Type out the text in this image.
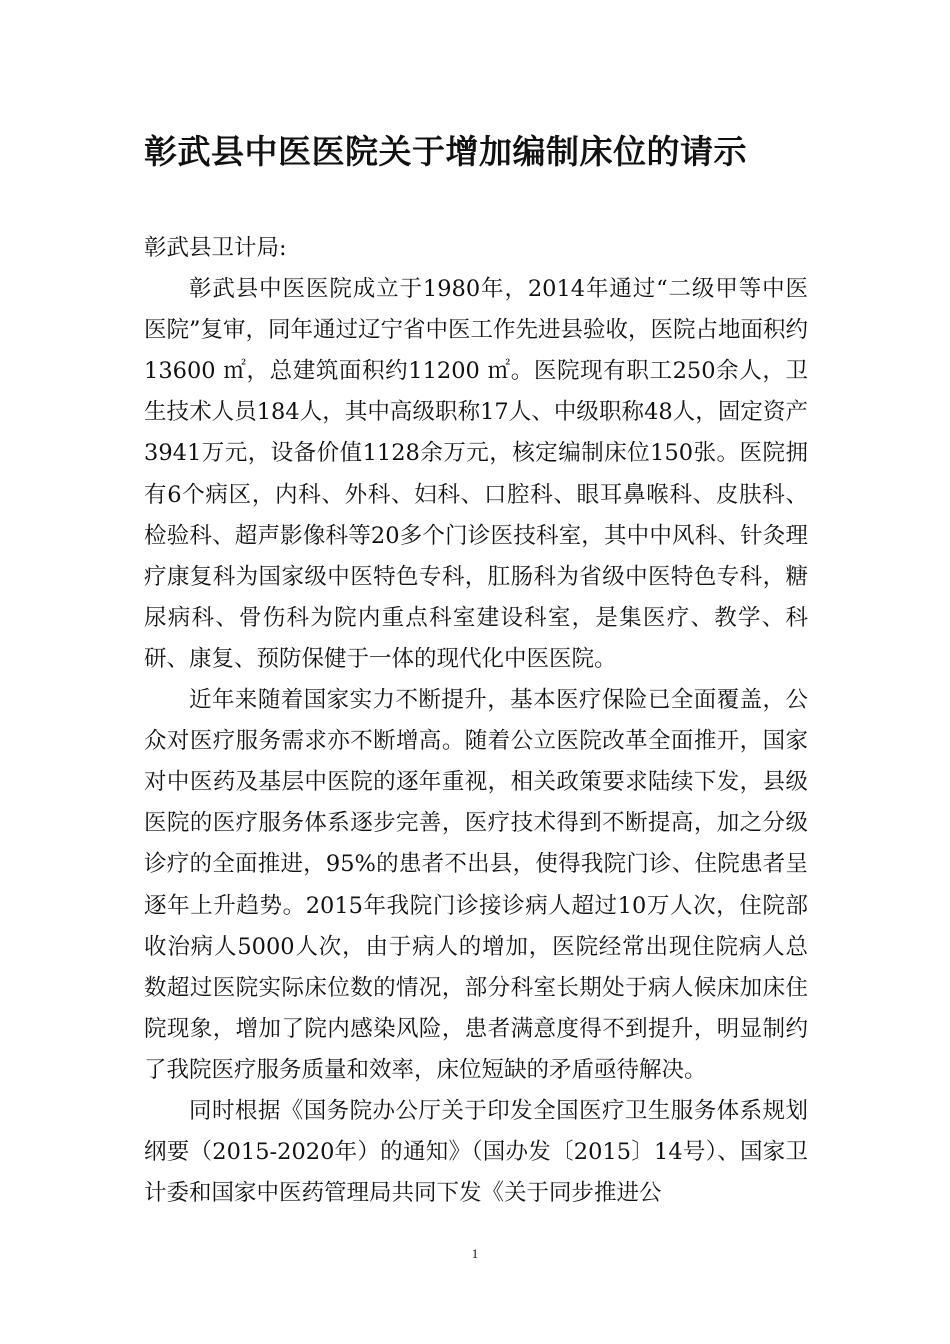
彰武县中医医院关于增加编制床位的请示

彰武县卫计局:

彰武县中医医院成立于1980年，2014年通过“二级甲等中医医院”复审，同年通过辽宁省中医工作先进县验收，医院占地面积约13600 ㎡，总建筑面积约11200 ㎡。医院现有职工250余人，卫生技术人员184人，其中高级职称17人、中级职称48人，固定资产3941万元，设备价值1128余万元，核定编制床位150张。医院拥有6个病区，内科、外科、妇科、口腔科、眼耳鼻喉科、皮肤科、检验科、超声影像科等20多个门诊医技科室，其中中风科、针灸理疗康复科为国家级中医特色专科，肛肠科为省级中医特色专科，糖尿病科、骨伤科为院内重点科室建设科室，是集医疗、教学、科研、康复、预防保健于一体的现代化中医医院。

近年来随着国家实力不断提升，基本医疗保险已全面覆盖，公众对医疗服务需求亦不断增高。随着公立医院改革全面推开，国家对中医药及基层中医院的逐年重视，相关政策要求陆续下发，县级医院的医疗服务体系逐步完善，医疗技术得到不断提高，加之分级诊疗的全面推进，95%的患者不出县，使得我院门诊、住院患者呈逐年上升趋势。2015年我院门诊接诊病人超过10万人次，住院部收治病人5000人次，由于病人的增加，医院经常出现住院病人总数超过医院实际床位数的情况，部分科室长期处于病人候床加床住院现象，增加了院内感染风险，患者满意度得不到提升，明显制约了我院医疗服务质量和效率，床位短缺的矛盾亟待解决。

同时根据《国务院办公厅关于印发全国医疗卫生服务体系规划纲要（2015-2020年）的通知》（国办发〔2015〕14号）、国家卫计委和国家中医药管理局共同下发《关于同步推进公

1
